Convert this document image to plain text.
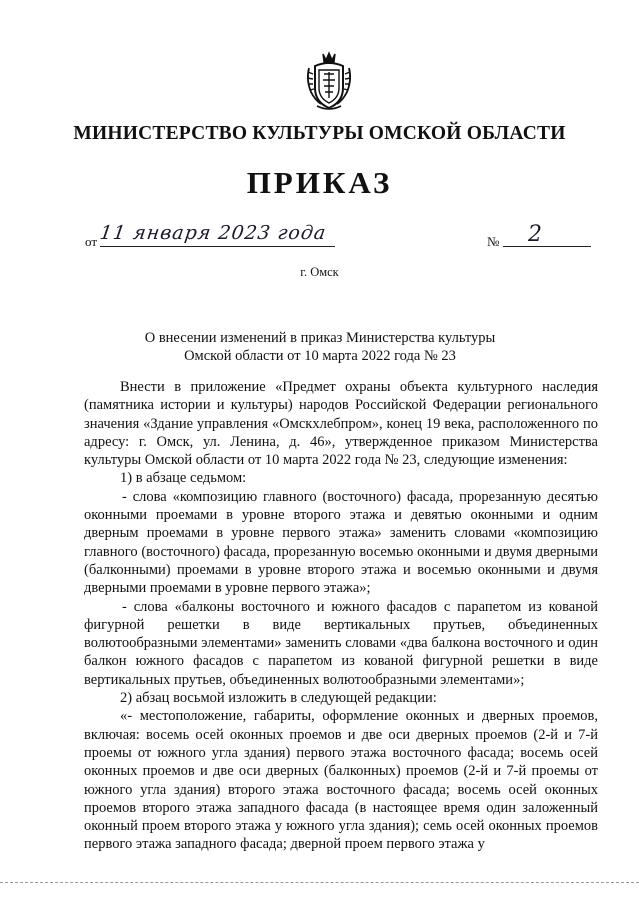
МИНИСТЕРСТВО КУЛЬТУРЫ ОМСКОЙ ОБЛАСТИ
ПРИКАЗ
от 11 января 2023 года	№ 2
г. Омск
О внесении изменений в приказ Министерства культуры
Омской области от 10 марта 2022 года № 23

Внести в приложение «Предмет охраны объекта культурного наследия (памятника истории и культуры) народов Российской Федерации регионального значения «Здание управления «Омскхлебпром», конец 19 века, расположенного по адресу: г. Омск, ул. Ленина, д. 46», утвержденное приказом Министерства культуры Омской области от 10 марта 2022 года № 23, следующие изменения:

1) в абзаце седьмом:

- слова «композицию главного (восточного) фасада, прорезанную десятью оконными проемами в уровне второго этажа и девятью оконными и одним дверным проемами в уровне первого этажа» заменить словами «композицию главного (восточного) фасада, прорезанную восемью оконными и двумя дверными (балконными) проемами в уровне второго этажа и восемью оконными и двумя дверными проемами в уровне первого этажа»;

- слова «балконы восточного и южного фасадов с парапетом из кованой фигурной решетки в виде вертикальных прутьев, объединенных волютообразными элементами» заменить словами «два балкона восточного и один балкон южного фасадов с парапетом из кованой фигурной решетки в виде вертикальных прутьев, объединенных волютообразными элементами»;

2) абзац восьмой изложить в следующей редакции:

«- местоположение, габариты, оформление оконных и дверных проемов, включая: восемь осей оконных проемов и две оси дверных проемов (2-й и 7-й проемы от южного угла здания) первого этажа восточного фасада; восемь осей оконных проемов и две оси дверных (балконных) проемов (2-й и 7-й проемы от южного угла здания) второго этажа восточного фасада; восемь осей оконных проемов второго этажа западного фасада (в настоящее время один заложенный оконный проем второго этажа у южного угла здания); семь осей оконных проемов первого этажа западного фасада; дверной проем первого этажа у
